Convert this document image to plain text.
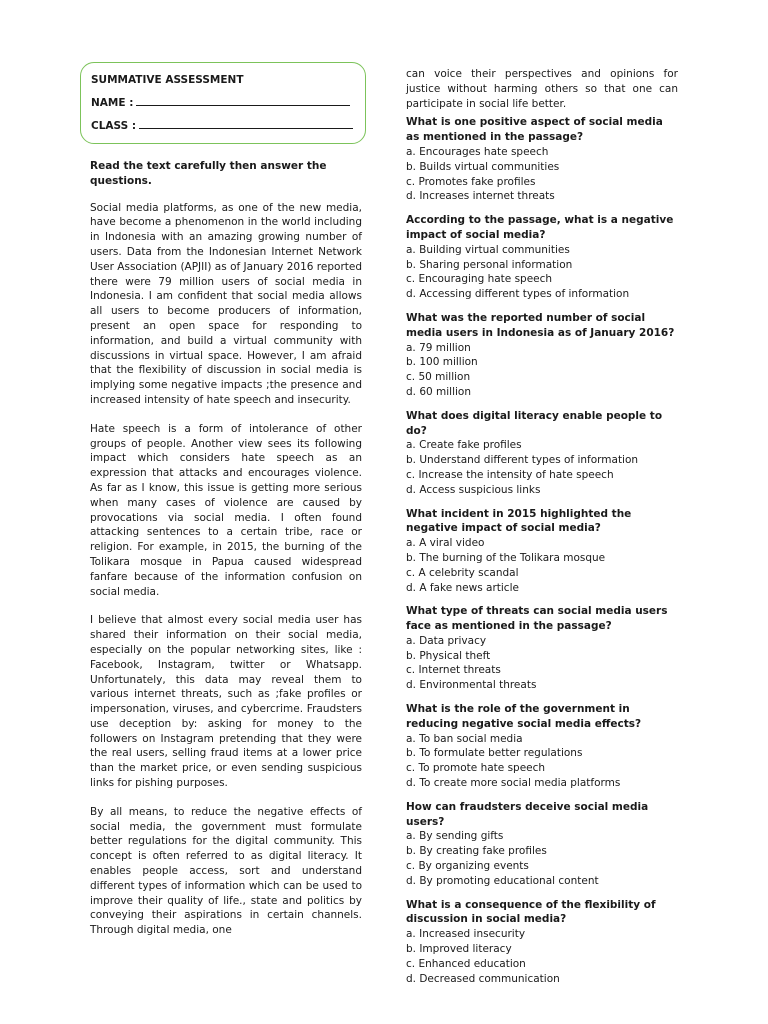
SUMMATIVE ASSESSMENT
NAME :
CLASS :

Read the text carefully then answer the questions.

Social media platforms, as one of the new media, have become a phenomenon in the world including in Indonesia with an amazing growing number of users. Data from the Indonesian Internet Network User Association (APJII) as of January 2016 reported there were 79 million users of social media in Indonesia. I am confident that social media allows all users to become producers of information, present an open space for responding to information, and build a virtual community with discussions in virtual space. However, I am afraid that the flexibility of discussion in social media is implying some negative impacts ;the presence and increased intensity of hate speech and insecurity.

Hate speech is a form of intolerance of other groups of people. Another view sees its following impact which considers hate speech as an expression that attacks and encourages violence. As far as I know, this issue is getting more serious when many cases of violence are caused by provocations via social media. I often found attacking sentences to a certain tribe, race or religion. For example, in 2015, the burning of the Tolikara mosque in Papua caused widespread fanfare because of the information confusion on social media.

I believe that almost every social media user has shared their information on their social media, especially on the popular networking sites, like : Facebook, Instagram, twitter or Whatsapp. Unfortunately, this data may reveal them to various internet threats, such as ;fake profiles or impersonation, viruses, and cybercrime. Fraudsters use deception by: asking for money to the followers on Instagram pretending that they were the real users, selling fraud items at a lower price than the market price, or even sending suspicious links for pishing purposes.

By all means, to reduce the negative effects of social media, the government must formulate better regulations for the digital community. This concept is often referred to as digital literacy. It enables people access, sort and understand different types of information which can be used to improve their quality of life., state and politics by conveying their aspirations in certain channels. Through digital media, one

can voice their perspectives and opinions for justice without harming others so that one can participate in social life better.

What is one positive aspect of social media as mentioned in the passage?
a. Encourages hate speech
b. Builds virtual communities
c. Promotes fake profiles
d. Increases internet threats
According to the passage, what is a negative impact of social media?
a. Building virtual communities
b. Sharing personal information
c. Encouraging hate speech
d. Accessing different types of information
What was the reported number of social media users in Indonesia as of January 2016?
a. 79 million
b. 100 million
c. 50 million
d. 60 million
What does digital literacy enable people to do?
a. Create fake profiles
b. Understand different types of information
c. Increase the intensity of hate speech
d. Access suspicious links
What incident in 2015 highlighted the negative impact of social media?
a. A viral video
b. The burning of the Tolikara mosque
c. A celebrity scandal
d. A fake news article
What type of threats can social media users face as mentioned in the passage?
a. Data privacy
b. Physical theft
c. Internet threats
d. Environmental threats
What is the role of the government in reducing negative social media effects?
a. To ban social media
b. To formulate better regulations
c. To promote hate speech
d. To create more social media platforms
How can fraudsters deceive social media users?
a. By sending gifts
b. By creating fake profiles
c. By organizing events
d. By promoting educational content
What is a consequence of the flexibility of discussion in social media?
a. Increased insecurity
b. Improved literacy
c. Enhanced education
d. Decreased communication
